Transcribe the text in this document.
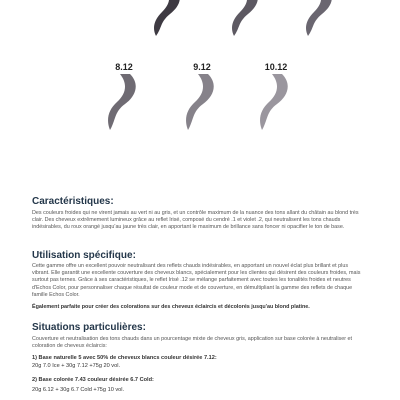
8.12	9.12	10.12
Caractéristiques:
Des couleurs froides qui ne virent jamais au vert ni au gris, et un contrôle maximum de la nuance des tons allant du châtain au blond très clair. Des cheveux extrêmement lumineux grâce au reflet Irisé, composé du cendré .1 et violet .2, qui neutralisent les tons chauds indésirables, du roux orangé jusqu'au jaune très clair, en apportant le maximum de brillance sans foncer ni opacifier le ton de base.
Utilisation spécifique:
Cette gamme offre un excellent pouvoir neutralisant des reflets chauds indésirables, en apportant un nouvel éclat plus brillant et plus vibrant. Elle garantit une excellente couverture des cheveux blancs, spécialement pour les clientes qui désirent des couleurs froides, mais surtout pas ternes. Grâce à ses caractéristiques, le reflet Irisé .12 se mélange parfaitement avec toutes les tonalités froides et neutres d'Echos Color, pour personnaliser chaque résultat de couleur mode et de couverture, en démultipliant la gamme des reflets de chaque famille Echos Color.
Également parfaite pour créer des colorations sur des cheveux éclaircis et décolorés jusqu'au blond platine.
Situations particulières:
Couverture et neutralisation des tons chauds dans un pourcentage mixte de cheveux gris, application sur base colorée à neutraliser et coloration de cheveux éclaircis:
1) Base naturelle 5 avec 50% de cheveux blancs couleur désirée 7.12:
20g 7.0 Ice + 30g 7.12 +75g 20 vol.
2) Base colorée 7.43 couleur désirée 6.7 Cold:
20g 6.12 + 30g 6.7 Cold +75g 10 vol.
